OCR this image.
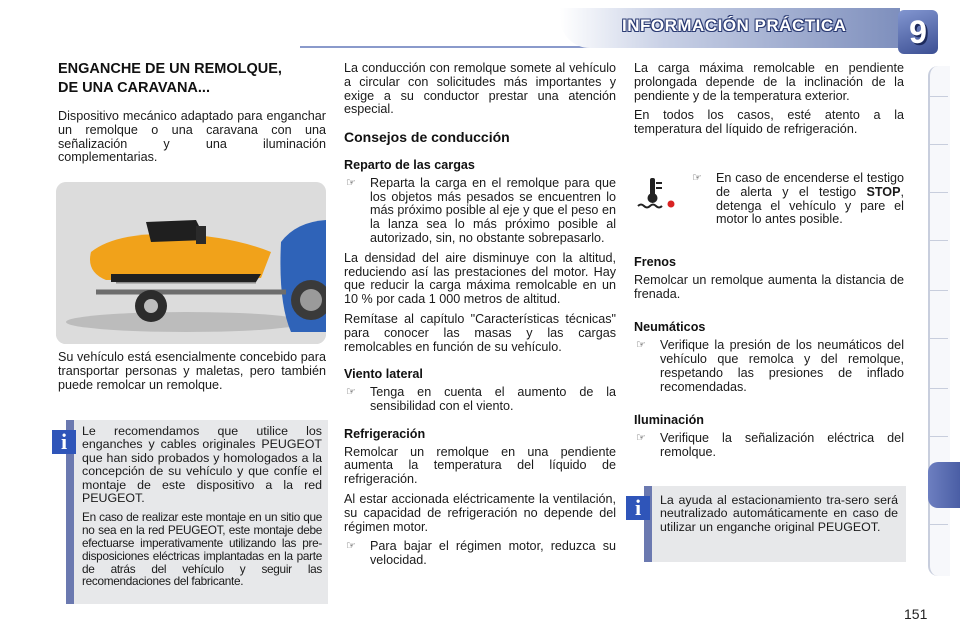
INFORMACIÓN PRÁCTICA	9
ENGANCHE DE UN REMOLQUE,
DE UNA CARAVANA...

Dispositivo mecánico adaptado para enganchar un remolque o una caravana con una señalización y una iluminación complementarias.

Su vehículo está esencialmente concebido para transportar personas y maletas, pero también puede remolcar un remolque.

i	Le recomendamos que utilice los enganches y cables originales PEUGEOT que han sido probados y homologados a la concepción de su vehículo y que confíe el montaje de este dispositivo a la red PEUGEOT.

En caso de realizar este montaje en un sitio que no sea en la red PEUGEOT, este montaje debe efectuarse imperativamente utilizando las pre-disposiciones eléctricas implantadas en la parte de atrás del vehículo y seguir las recomendaciones del fabricante.

La conducción con remolque somete al vehículo a circular con solicitudes más importantes y exige a su conductor prestar una atención especial.

Consejos de conducción
Reparto de las cargas
☞	Reparta la carga en el remolque para que los objetos más pesados se encuentren lo más próximo posible al eje y que el peso en la lanza sea lo más próximo posible al autorizado, sin, no obstante sobrepasarlo.

La densidad del aire disminuye con la altitud, reduciendo así las prestaciones del motor. Hay que reducir la carga máxima remolcable en un 10 % por cada 1 000 metros de altitud.

Remítase al capítulo "Características técnicas" para conocer las masas y las cargas remolcables en función de su vehículo.

Viento lateral
☞	Tenga en cuenta el aumento de la sensibilidad con el viento.
Refrigeración

Remolcar un remolque en una pendiente aumenta la temperatura del líquido de refrigeración.

Al estar accionada eléctricamente la ventilación, su capacidad de refrigeración no depende del régimen motor.

☞	Para bajar el régimen motor, reduzca su velocidad.

La carga máxima remolcable en pendiente prolongada depende de la inclinación de la pendiente y de la temperatura exterior.

En todos los casos, esté atento a la temperatura del líquido de refrigeración.

☞	En caso de encenderse el testigo de alerta y el testigo STOP, detenga el vehículo y pare el motor lo antes posible.
Frenos

Remolcar un remolque aumenta la distancia de frenada.

Neumáticos
☞	Verifique la presión de los neumáticos del vehículo que remolca y del remolque, respetando las presiones de inflado recomendadas.
Iluminación
☞	Verifique la señalización eléctrica del remolque.
i	La ayuda al estacionamiento tra-sero será neutralizado automáticamente en caso de utilizar un enganche original PEUGEOT.

151
